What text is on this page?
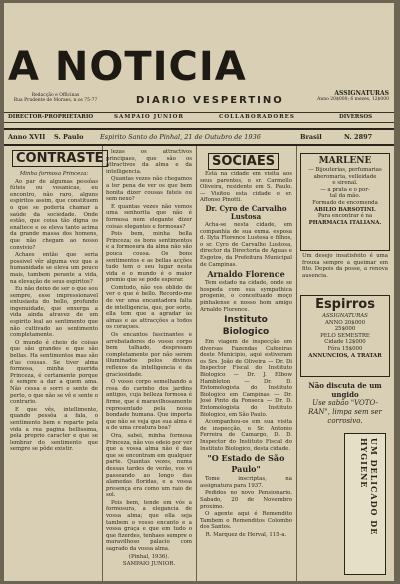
A NOTICIA
DIARIO VESPERTINO
Redacção e Officinas
Rua Prudente de Moraes, n.os 75-77
ASSIGNATURAS
Anno 20$000; 6 mezes, 12$000
DIRECTOR-PROPRIETARIO	SAMPAIO JUNIOR	COLLABORADORES	DIVERSOS
Anno XVII S. Paulo	Espirito Santo do Pinhal, 21 de Outubro de 1936	Brasil	N. 2897
CONTRASTE

Minha formosa Princeza:

Ao par de algumas pessôas fúteis ou vesanicas, eu encontro, não raro, alguns espiritos assim, que constituem o que se poderia chamar a saúde da sociedade. Onde estão, que coisa tão digna os enaltece e os eleva tanto acima da grande massa dos homens, que não chegam ao nosso convivio?

Achaes então que seria possivel vêr alguma vez que a humanidade se eleva um pouco mais, tambem perante a vida, na elevação de seus espiritos?

Eu não deixo de ser o que sou sempre, esse impressionavel entusiasta do bello, profundo ingenuidade, que enxerga a vida ainda atravez de um espirito leal ao sentimento que não cultivado ao sentimento completamente.

O mundo é cheio de coisas que são grandes e que são bellas. Ha sentimentos mas são d'as cousas. Se tiver alma formosa, minha querida Princeza, é certamente porque é sempre a dar a quem ama. Não cessa e sorri e sente de perto, o que não se vê e sente o contrario.

E que vês, intellimente, quando pessôa a fala, o sentimento bem e reparte pela vida a rea pagina bellissima, pela proprio caracter e que se lembrar do sentimento que sempre se pôde existir.

lezas os attractivos principaes, que são os attractivos da alma e da intelligencia.

Quantas vezes não chegamos a ter pena de ver os que bem bonita dizer cousas fateis ou sem nexo?

E quantas vezes não vemos uma senhorita que não é formosa nem elegante dizer coisas elegantes e formosas?

Pois bem, minha bella Princeza; os bons sentimentos e a formosura da alma não são pouca cousa. Os bons sentimentos e as bellas acções tudo tem o seu lugar nesta vida e o mundo é o maior premio que se pode esperar.

Comtudo, não vos oblido de ver o que é bello. Recordo-me de ver uma encantadora falta de intelligencia, que, por sorte, ella tem que a agradar às almas e as attracções a todos os coraçoes.

Os encantos fascinantes e arrebatadores do vosso corpo bem talhado, despresam completamente por não serem illuminados pelos divinos reflexos da intelligencia e da graciosidade.

O vosso corpo semelhando a rosa do carinho dos jardins antigos, cuja belleza formosa é firme, que é maravilhosamente representado pela nossa bondade humana. Que importa que não se veja que sua alma é a de uma creatura boa?

Ora, sabei, minha formosa Princeza, não vos odeio por ver que a vossa alma não é das que se encontram em qualquer parte. Quantas vezes, numa dessas tardes de verão, vos vi passeando ao longo das alamedas floridas, e a vossa presença era como um raio de sol.

Pois bem, tende em vós a formosura, a elegancia de vossa alma; que ella seja tambem o vosso encanto e a vossa graça e que em tudo o que fizerdes, tenhaes sempre o maravilhoso palacio com sagrado da vossa alma.

(Pinhal, 1936).

SAMPAIO JUNIOR.

SOCIAES

Está na cidade em visita aos seus parentes, o sr. Carmello Oliveira, residente em S. Paulo. — Visitou esta cidade o sr. Affonso Pinotti.

Dr. Cyro de Carvalho Lustosa

Acha-se nesta cidade, em companhia de sua exma. esposa d. Ilyta Florence Lustosa e filhos, o sr. Cyro de Carvalho Lustosa, director da Directoria de Aguas e Esgotos, da Prefeitura Municipal de Campinas.

Arnaldo Florence

Tem estado na cidade, onde se hospeda com sua sympathica progenie, o conceituado moço pinhalense e nosso bom amigo Arnaldo Florence.

Instituto Biologico

Em viagem de inspecção em diversas Fazendas Cafeeiras deste Municipio, aqui estiveram os Srs. João de Oliveira — Dr. Di Inspector Fiscal do Instituto Biologico — Dr. J. Elbow Hambleton — Dr. D. Entomologista do Instituto Biologico em Campinas — Dr. José Pinto da Fonseca — Dr. D. Entomologista do Instituto Biologico, em São Paulo.

Acompanhou-os em sua visita de inspecção, o Sr. Antonio Ferreira de Camargo, D. D. Inspector do Instituto Fiscal do Instituto Biologico, desta cidade.

"O Estado de São Paulo"

Tome inscriptas, na assignatura para 1937.

Pedidos no novo Pensionario. Sabado, 20 de Novembro proximo.

O agente aqui é Remendito Tambem o Remenditos Colombo dos Santos.

R. Marquez de Herval, 115-a.

MARLENE
— Bijouterias, perfumarias
aberomaria, velleidade
e sirenal.
— a prata e o por-
tal da mão.
Formado de encomenda
ABILIO BARSOTINI.
Para encontrar é na
PHARMACIA ITALIANA.
Um desejo insatisfeito é uma frouxa sempre a queimar em fito. Depois da posse, a renova ausencia.
Espirros
ASSIGNATURAS
ANNO 20$000
25$000
PELO SEMESTRE
Cidade 12$000
Fóra 15$000
ANNUNCIOS, A TRATAR
Não discuta de um ungido
Use sabão "VOTO-RAN", limpa sem ser corrosivo.
UM DELICADO DE HYGIENE
